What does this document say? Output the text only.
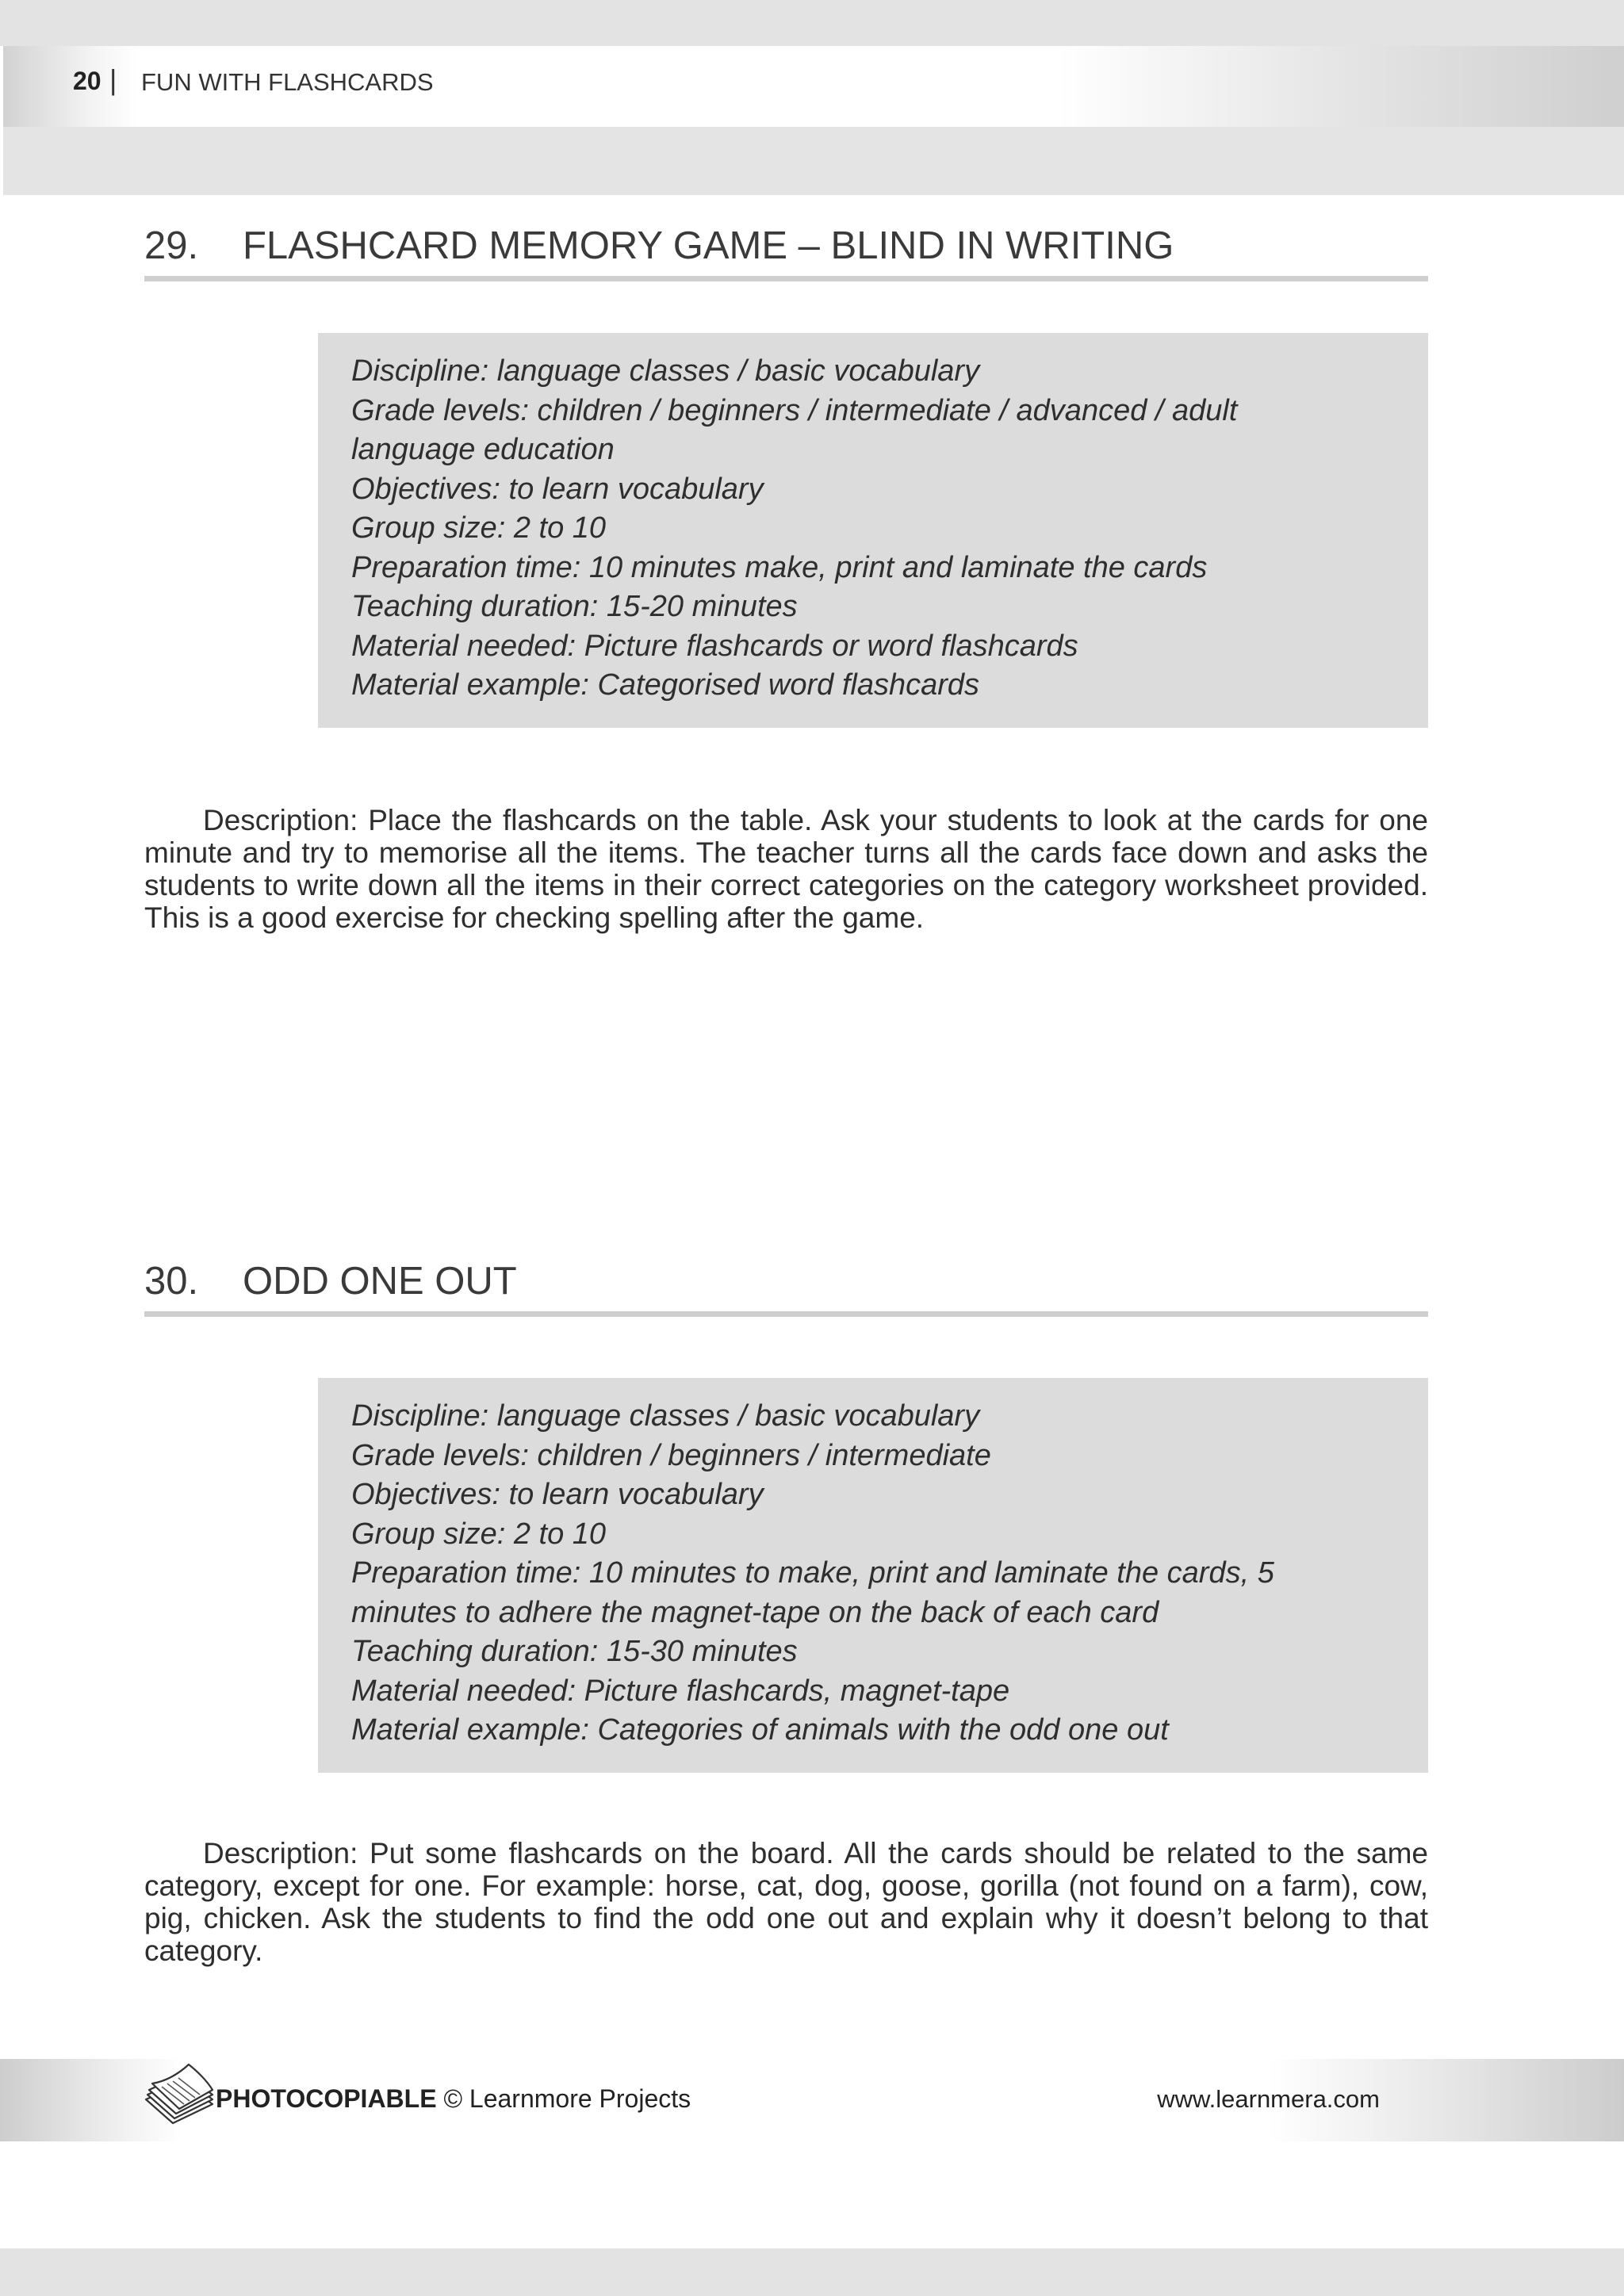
20 | FUN WITH FLASHCARDS
29. FLASHCARD MEMORY GAME – BLIND IN WRITING
Discipline: language classes / basic vocabulary
Grade levels: children / beginners / intermediate / advanced / adult
language education
Objectives: to learn vocabulary
Group size: 2 to 10
Preparation time: 10 minutes make, print and laminate the cards
Teaching duration: 15-20 minutes
Material needed: Picture flashcards or word flashcards
Material example: Categorised word flashcards
Description: Place the flashcards on the table. Ask your students to look at the cards for one minute and try to memorise all the items. The teacher turns all the cards face down and asks the students to write down all the items in their correct categories on the category worksheet provided. This is a good exercise for checking spelling after the game.
30. ODD ONE OUT
Discipline: language classes / basic vocabulary
Grade levels: children / beginners / intermediate
Objectives: to learn vocabulary
Group size: 2 to 10
Preparation time: 10 minutes to make, print and laminate the cards, 5
minutes to adhere the magnet-tape on the back of each card
Teaching duration: 15-30 minutes
Material needed: Picture flashcards, magnet-tape
Material example: Categories of animals with the odd one out
Description: Put some flashcards on the board. All the cards should be related to the same category, except for one. For example: horse, cat, dog, goose, gorilla (not found on a farm), cow, pig, chicken. Ask the students to find the odd one out and explain why it doesn’t belong to that category.
PHOTOCOPIABLE © Learnmore Projects	www.learnmera.com
